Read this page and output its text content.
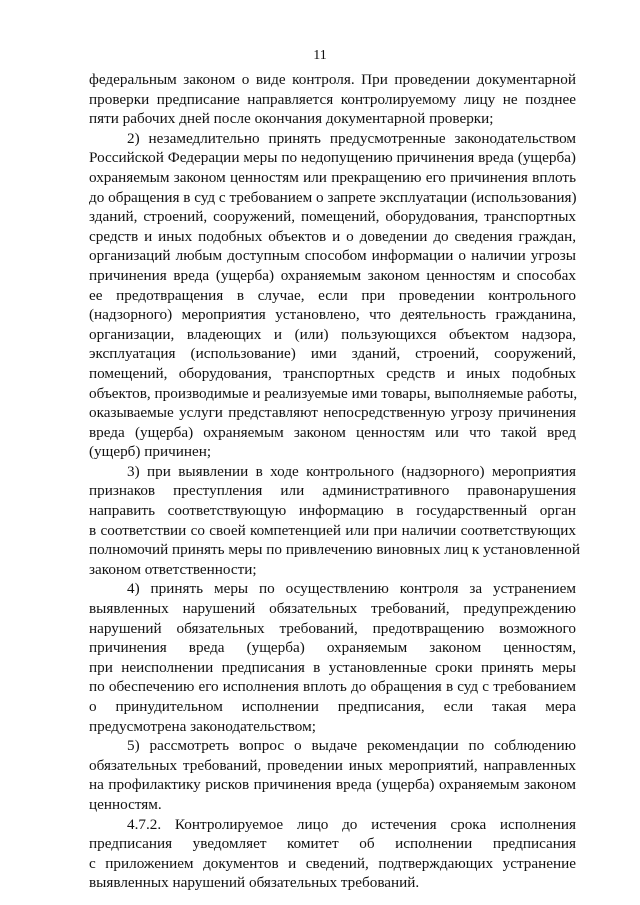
11
федеральным законом о виде контроля. При проведении документарной
проверки предписание направляется контролируемому лицу не позднее
пяти рабочих дней после окончания документарной проверки;
2) незамедлительно принять предусмотренные законодательством
Российской Федерации меры по недопущению причинения вреда (ущерба)
охраняемым законом ценностям или прекращению его причинения вплоть
до обращения в суд с требованием о запрете эксплуатации (использования)
зданий, строений, сооружений, помещений, оборудования, транспортных
средств и иных подобных объектов и о доведении до сведения граждан,
организаций любым доступным способом информации о наличии угрозы
причинения вреда (ущерба) охраняемым законом ценностям и способах
ее предотвращения в случае, если при проведении контрольного
(надзорного) мероприятия установлено, что деятельность гражданина,
организации, владеющих и (или) пользующихся объектом надзора,
эксплуатация (использование) ими зданий, строений, сооружений,
помещений, оборудования, транспортных средств и иных подобных
объектов, производимые и реализуемые ими товары, выполняемые работы,
оказываемые услуги представляют непосредственную угрозу причинения
вреда (ущерба) охраняемым законом ценностям или что такой вред
(ущерб) причинен;
3) при выявлении в ходе контрольного (надзорного) мероприятия
признаков преступления или административного правонарушения
направить соответствующую информацию в государственный орган
в соответствии со своей компетенцией или при наличии соответствующих
полномочий принять меры по привлечению виновных лиц к установленной
законом ответственности;
4) принять меры по осуществлению контроля за устранением
выявленных нарушений обязательных требований, предупреждению
нарушений обязательных требований, предотвращению возможного
причинения вреда (ущерба) охраняемым законом ценностям,
при неисполнении предписания в установленные сроки принять меры
по обеспечению его исполнения вплоть до обращения в суд с требованием
о принудительном исполнении предписания, если такая мера
предусмотрена законодательством;
5) рассмотреть вопрос о выдаче рекомендации по соблюдению
обязательных требований, проведении иных мероприятий, направленных
на профилактику рисков причинения вреда (ущерба) охраняемым законом
ценностям.
4.7.2. Контролируемое лицо до истечения срока исполнения
предписания уведомляет комитет об исполнении предписания
с приложением документов и сведений, подтверждающих устранение
выявленных нарушений обязательных требований.
